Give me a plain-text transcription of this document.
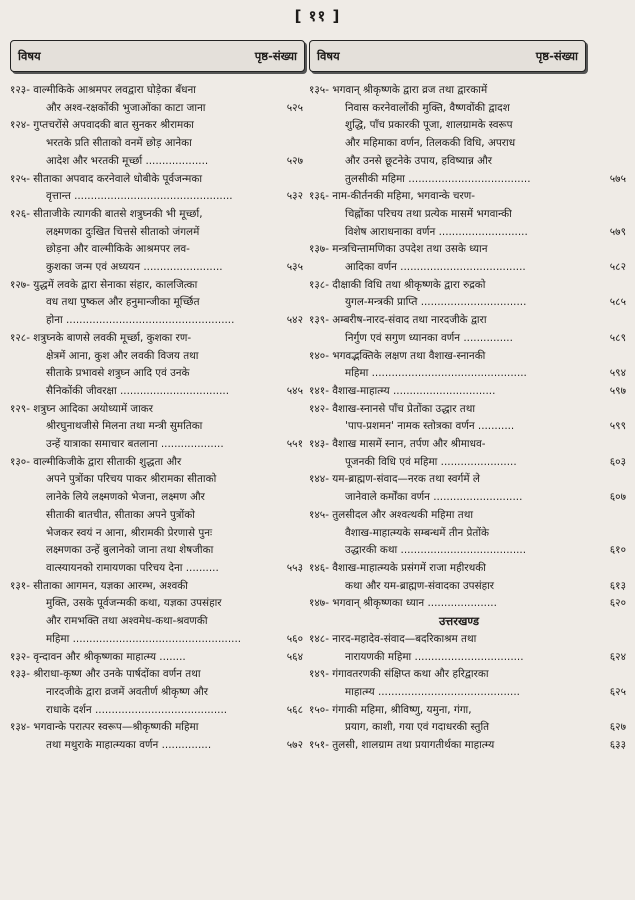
[ ११ ]
विषय	पृष्ठ-संख्या
१२३- वाल्मीकिके आश्रमपर लवद्वारा घोड़ेका बँधना
और अश्व-रक्षकोंकी भुजाओंका काटा जाना	५२५
१२४- गुप्तचरोंसे अपवादकी बात सुनकर श्रीरामका
भरतके प्रति सीताको वनमें छोड़ आनेका
आदेश और भरतकी मूर्च्छा ...................	५२७
१२५- सीताका अपवाद करनेवाले धोबीके पूर्वजन्मका
वृत्तान्त ................................................	५३२
१२६- सीताजीके त्यागकी बातसे शत्रुघ्नकी भी मूर्च्छा,
लक्ष्मणका दुःखित चित्तसे सीताको जंगलमें
छोड़ना और वाल्मीकिके आश्रमपर लव-
कुशका जन्म एवं अध्ययन ........................	५३५
१२७- युद्धमें लवके द्वारा सेनाका संहार, कालजित्का
वध तथा पुष्कल और हनुमान्जीका मूर्च्छित
होना ...................................................	५४२
१२८- शत्रुघ्नके बाणसे लवकी मूर्च्छा, कुशका रण-
क्षेत्रमें आना, कुश और लवकी विजय तथा
सीताके प्रभावसे शत्रुघ्न आदि एवं उनके
सैनिकोंकी जीवरक्षा .................................	५४५
१२९- शत्रुघ्न आदिका अयोध्यामें जाकर
श्रीरघुनाथजीसे मिलना तथा मन्त्री सुमतिका
उन्हें यात्राका समाचार बतलाना ...................	५५१
१३०- वाल्मीकिजीके द्वारा सीताकी शुद्धता और
अपने पुत्रोंका परिचय पाकर श्रीरामका सीताको
लानेके लिये लक्ष्मणको भेजना, लक्ष्मण और
सीताकी बातचीत, सीताका अपने पुत्रोंको
भेजकर स्वयं न आना, श्रीरामकी प्रेरणासे पुनः
लक्ष्मणका उन्हें बुलानेको जाना तथा शेषजीका
वात्स्यायनको रामायणका परिचय देना ..........	५५३
१३१- सीताका आगमन, यज्ञका आरम्भ, अश्वकी
मुक्ति, उसके पूर्वजन्मकी कथा, यज्ञका उपसंहार
और रामभक्ति तथा अश्वमेध-कथा-श्रवणकी
महिमा ...................................................	५६०
१३२- वृन्दावन और श्रीकृष्णका माहात्म्य ........	५६४
१३३- श्रीराधा-कृष्ण और उनके पार्षदोंका वर्णन तथा
नारदजीके द्वारा व्रजमें अवतीर्ण श्रीकृष्ण और
राधाके दर्शन ........................................	५६८
१३४- भगवान्के परात्पर स्वरूप—श्रीकृष्णकी महिमा
तथा मथुराके माहात्म्यका वर्णन ...............	५७२
विषय	पृष्ठ-संख्या
१३५- भगवान् श्रीकृष्णके द्वारा व्रज तथा द्वारकामें
निवास करनेवालोंकी मुक्ति, वैष्णवोंकी द्वादश
शुद्धि, पाँच प्रकारकी पूजा, शालग्रामके स्वरूप
और महिमाका वर्णन, तिलककी विधि, अपराध
और उनसे छूटनेके उपाय, हविष्यान्न और
तुलसीकी महिमा .....................................	५७५
१३६- नाम-कीर्तनकी महिमा, भगवान्के चरण-
चिह्नोंका परिचय तथा प्रत्येक मासमें भगवान्की
विशेष आराधनाका वर्णन ...........................	५७९
१३७- मन्त्रचिन्तामणिका उपदेश तथा उसके ध्यान
आदिका वर्णन ......................................	५८२
१३८- दीक्षाकी विधि तथा श्रीकृष्णके द्वारा रुद्रको
युगल-मन्त्रकी प्राप्ति ................................	५८५
१३९- अम्बरीष-नारद-संवाद तथा नारदजीके द्वारा
निर्गुण एवं सगुण ध्यानका वर्णन ...............	५८९
१४०- भगवद्भक्तिके लक्षण तथा वैशाख-स्नानकी
महिमा ...............................................	५९४
१४१- वैशाख-माहात्म्य ...............................	५९७
१४२- वैशाख-स्नानसे पाँच प्रेतोंका उद्धार तथा
'पाप-प्रशमन' नामक स्तोत्रका वर्णन ...........	५९९
१४३- वैशाख मासमें स्नान, तर्पण और श्रीमाधव-
पूजनकी विधि एवं महिमा .......................	६०३
१४४- यम-ब्राह्मण-संवाद—नरक तथा स्वर्गमें ले
जानेवाले कर्मोंका वर्णन ...........................	६०७
१४५- तुलसीदल और अश्वत्थकी महिमा तथा
वैशाख-माहात्म्यके सम्बन्धमें तीन प्रेतोंके
उद्धारकी कथा ......................................	६१०
१४६- वैशाख-माहात्म्यके प्रसंगमें राजा महीरथकी
कथा और यम-ब्राह्मण-संवादका उपसंहार	६१३
१४७- भगवान् श्रीकृष्णका ध्यान .....................	६२०
उत्तरखण्ड
१४८- नारद-महादेव-संवाद—बदरिकाश्रम तथा
नारायणकी महिमा .................................	६२४
१४९- गंगावतरणकी संक्षिप्त कथा और हरिद्वारका
माहात्म्य ...........................................	६२५
१५०- गंगाकी महिमा, श्रीविष्णु, यमुना, गंगा,
प्रयाग, काशी, गया एवं गदाधरकी स्तुति	६२७
१५१- तुलसी, शालग्राम तथा प्रयागतीर्थका माहात्म्य	६३३
